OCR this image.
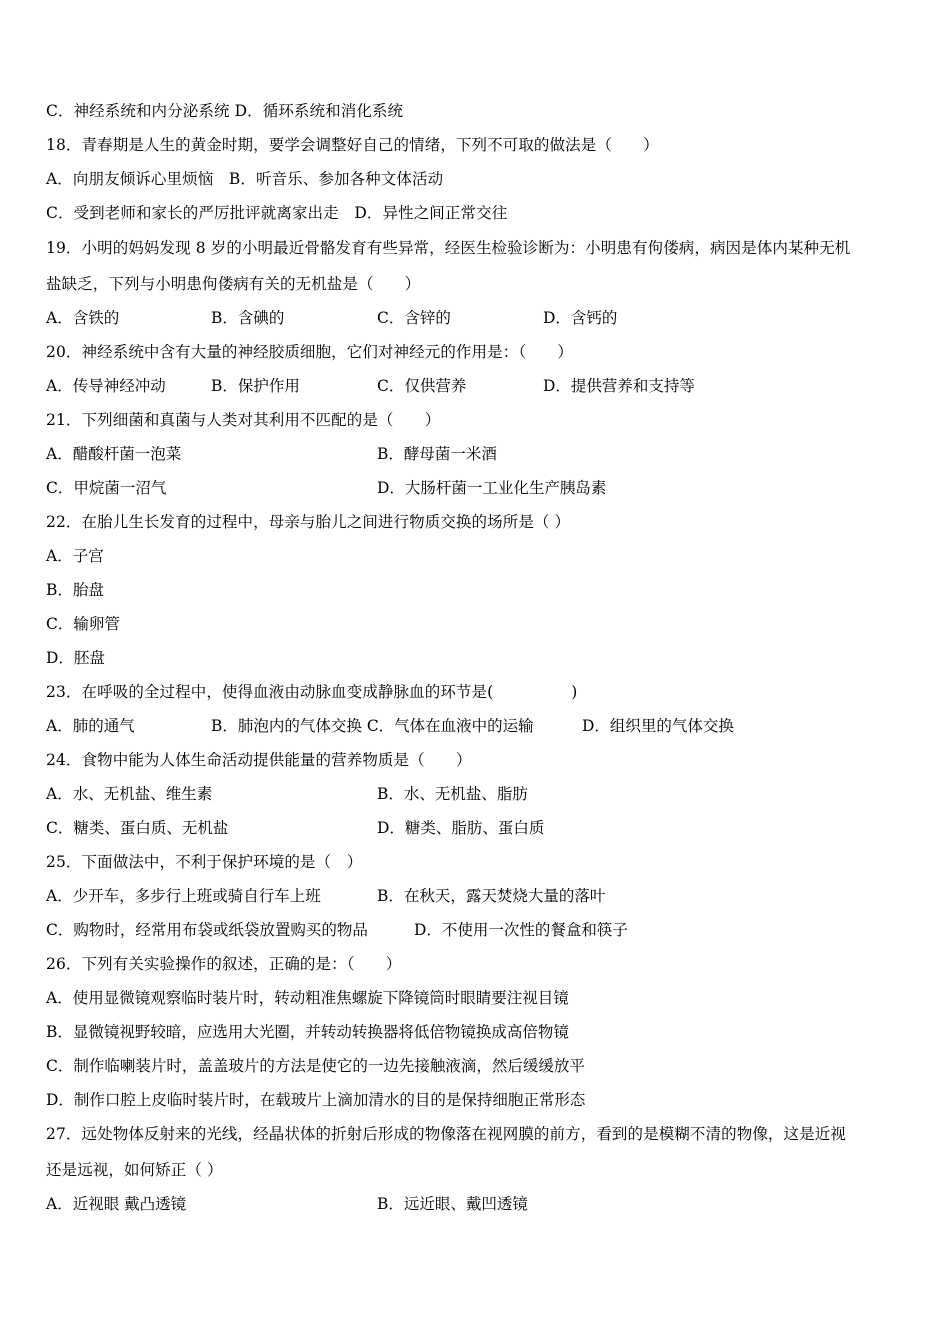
C．神经系统和内分泌系统 D．循环系统和消化系统
18．青春期是人生的黄金时期，要学会调整好自己的情绪，下列不可取的做法是（　　）
A．向朋友倾诉心里烦恼　B．听音乐、参加各种文体活动
C．受到老师和家长的严厉批评就离家出走　D．异性之间正常交往
19．小明的妈妈发现 8 岁的小明最近骨骼发育有些异常，经医生检验诊断为：小明患有佝偻病，病因是体内某种无机
盐缺乏，下列与小明患佝偻病有关的无机盐是（　　）
A．含铁的	B．含碘的	C．含锌的	D．含钙的
20．神经系统中含有大量的神经胶质细胞，它们对神经元的作用是：（　　）
A．传导神经冲动	B．保护作用	C．仅供营养	D．提供营养和支持等
21．下列细菌和真菌与人类对其利用不匹配的是（　　）
A．醋酸杆菌一泡菜	B．酵母菌一米酒
C．甲烷菌一沼气	D．大肠杆菌一工业化生产胰岛素
22．在胎儿生长发育的过程中，母亲与胎儿之间进行物质交换的场所是（ ）
A．子宫
B．胎盘
C．输卵管
D．胚盘
23．在呼吸的全过程中，使得血液由动脉血变成静脉血的环节是(　　　　　)
A．肺的通气	B．肺泡内的气体交换 C．气体在血液中的运输	D．组织里的气体交换
24．食物中能为人体生命活动提供能量的营养物质是（　　）
A．水、无机盐、维生素	B．水、无机盐、脂肪
C．糖类、蛋白质、无机盐	D．糖类、脂肪、蛋白质
25．下面做法中，不利于保护环境的是（　）
A．少开车，多步行上班或骑自行车上班	B．在秋天，露天焚烧大量的落叶
C．购物时，经常用布袋或纸袋放置购买的物品	D．不使用一次性的餐盒和筷子
26．下列有关实验操作的叙述，正确的是：（　　）
A．使用显微镜观察临时装片时，转动粗准焦螺旋下降镜筒时眼睛要注视目镜
B．显微镜视野较暗，应选用大光圈，并转动转换器将低倍物镜换成高倍物镜
C．制作临喇装片时，盖盖玻片的方法是使它的一边先接触液滴，然后缓缓放平
D．制作口腔上皮临时装片时，在载玻片上滴加清水的目的是保持细胞正常形态
27．远处物体反射来的光线，经晶状体的折射后形成的物像落在视网膜的前方，看到的是模糊不清的物像，这是近视
还是远视，如何矫正（ ）
A．近视眼 戴凸透镜	B．远近眼、戴凹透镜
